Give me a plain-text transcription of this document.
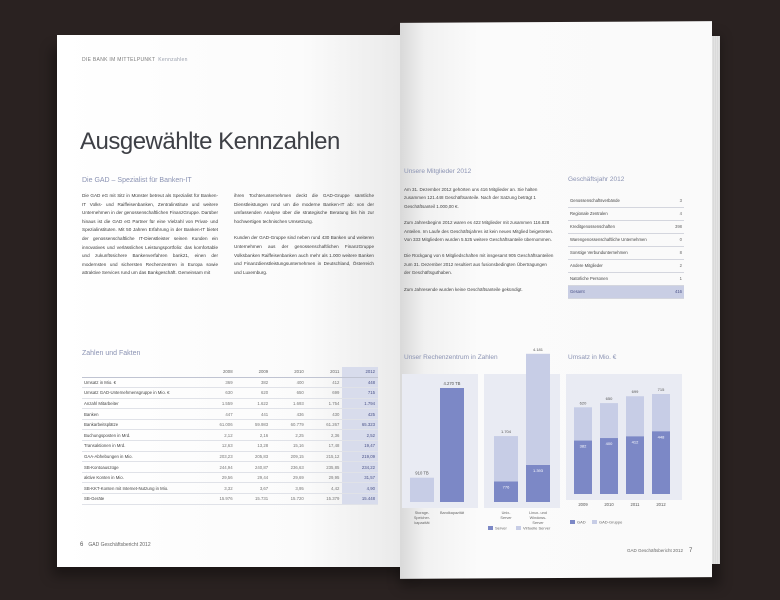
DIE BANK IM MITTELPUNKT Kennzahlen
Ausgewählte Kennzahlen
Die GAD – Spezialist für Banken-IT

Die GAD eG mit Sitz in Münster betreut als Spezialist für Banken-IT Volks- und Raiffeisenbanken, Zentralinstitute und weitere Unternehmen in der genossenschaftlichen FinanzGruppe. Darüber hinaus ist die GAD eG Partner für eine Vielzahl von Privat- und Spezialinstituten. Mit 50 Jahren Erfahrung in der Banken-IT bietet der genossenschaftliche IT-Dienstleister seinen Kunden ein innovatives und verlässliches Leistungsportfolio: das komfortable und zukunftssichere Bankenverfahren bank21, einen der modernsten und sichersten Rechenzentren in Europa sowie attraktive Services rund um das Bankgeschäft. Gemeinsam mit

ihren Tochterunternehmen deckt die GAD-Gruppe sämtliche Dienstleistungen rund um die moderne Banken-IT ab: von der umfassenden Analyse über die strategische Beratung bis hin zur hochwertigen technischen Umsetzung.

Kunden der GAD-Gruppe sind neben rund 430 Banken und weiteren Unternehmen aus der genossenschaftlichen FinanzGruppe Volksbanken Raiffeisenbanken auch mehr als 1.000 weitere Banken und Finanzdienstleistungsunternehmen in Deutschland, Österreich und Luxemburg.

Zahlen und Fakten
	2008	2009	2010	2011	2012
Umsatz in Mio. €	369	382	400	412	448
Umsatz GAD-Unternehmensgruppe in Mio. €	630	620	650	699	715
Anzahl Mitarbeiter	1.559	1.622	1.693	1.754	1.794
Banken	447	441	436	430	425
Bankarbeitsplätze	61.006	59.983	60.779	61.267	65.323
Buchungsposten in Mrd.	2,12	2,16	2,25	2,36	2,52
Transaktionen in Mrd.	12,63	13,28	15,16	17,48	19,47
GAA-Abhebungen in Mio.	203,23	205,83	209,15	215,12	219,09
SB-Kontoauszüge	244,94	240,87	236,63	235,85	234,22
aktive Konten in Mio.	29,56	29,44	29,69	29,95	31,57
SB-KKT-Konten mit Internet-Nutzung in Mio.	3,32	3,67	3,95	4,42	4,90
SB-Geräte	15.976	15.731	15.720	15.379	15.448
6 GAD Geschäftsbericht 2012
Unsere Mitglieder 2012

Am 31. Dezember 2012 gehörten uns 416 Mitglieder an. Sie halten zusammen 121.448 Geschäftsanteile. Nach der Satzung beträgt 1 Geschäftsanteil 1.000,00 €.

Zum Jahresbeginn 2012 waren es 422 Mitglieder mit zusammen 116.828 Anteilen. Im Laufe des Geschäftsjahres ist kein neues Mitglied beigetreten. Von 333 Mitgliedern wurden 5.525 weitere Geschäftsanteile übernommen.

Die Rückgang von 6 Mitgliedschaften mit insgesamt 905 Geschäftsanteilen zum 31. Dezember 2012 resultiert aus fusionsbedingten Übertragungen der Geschäftsguthaben.

Zum Jahresende wurden keine Geschäftsanteile gekündigt.

Geschäftsjahr 2012
Genossenschaftsverbände	3
Regionale Zentralen	4
Kreditgenossenschaften	398
Warengenossenschaftliche Unternehmen	0
Sonstige Verbundunternehmen	8
Andere Mitglieder	2
Natürliche Personen	1
Gesamt	416
Unser Rechenzentrum in Zahlen	Umsatz in Mio. €
910 TB
Storage-
Speicher-
kapazität
4.270 TB
Bandkapazität
776
1.704
Unix-
Server
1.393
4.181
Linux- und
Windows-
Server
382
620
2009
400
650
2010
412
699
2011
448
715
2012
Server	Virtuelle Server
GAD	GAD-Gruppe
GAD Geschäftsbericht 2012 7
